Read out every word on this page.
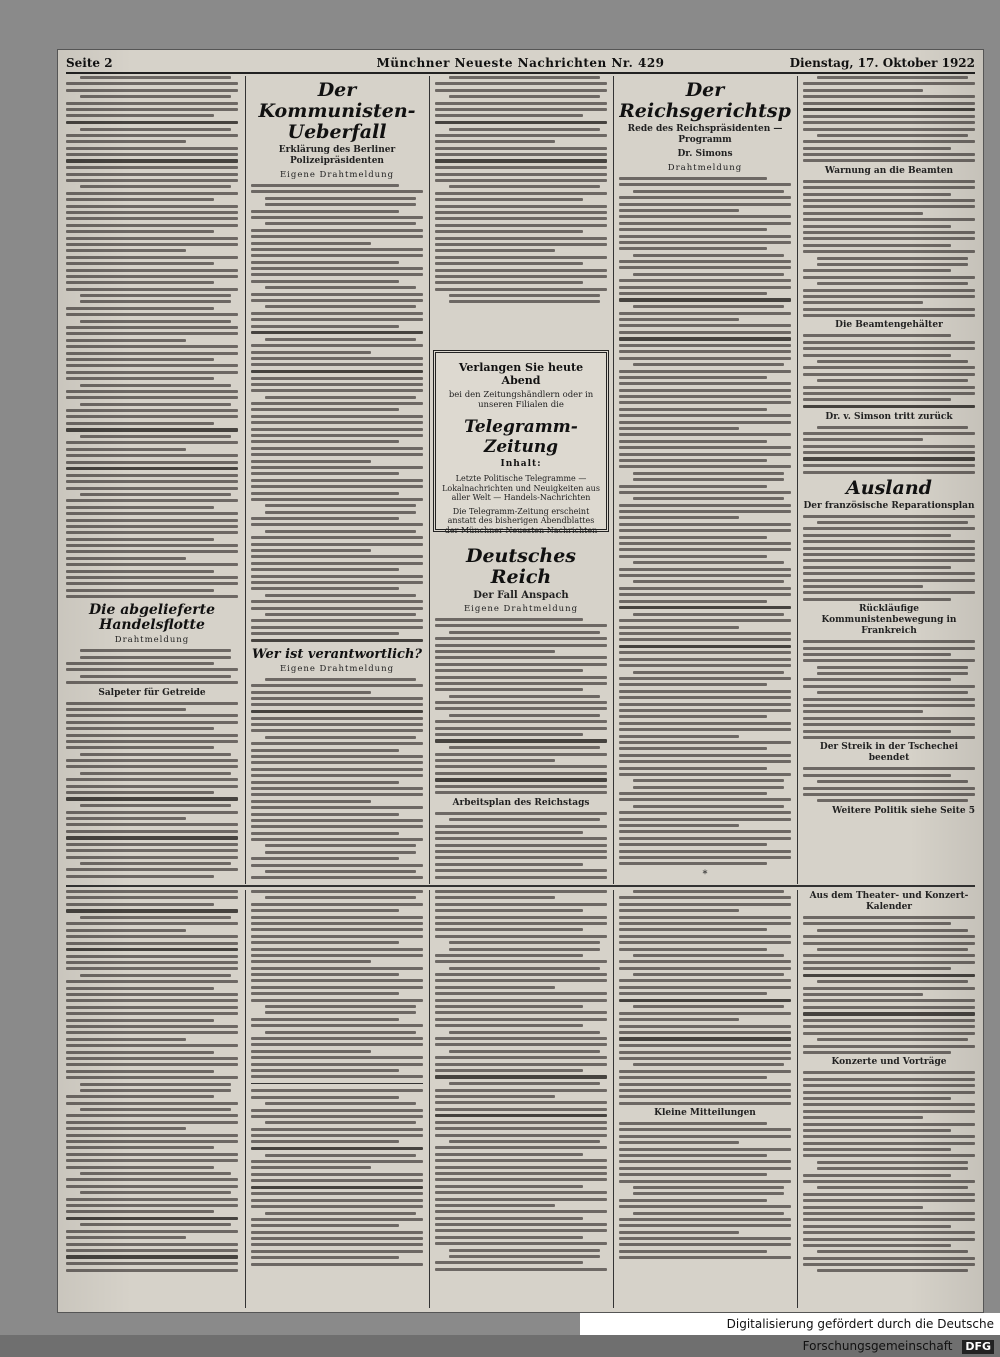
Seite 2	Münchner Neueste Nachrichten Nr. 429	Dienstag, 17. Oktober 1922
Die abgelieferte Handelsflotte
Drahtmeldung
Salpeter für Getreide
Der Kommunisten-Ueberfall
Erklärung des Berliner Polizeipräsidenten
Eigene Drahtmeldung
Wer ist verantwortlich?
Eigene Drahtmeldung
Verlangen Sie heute Abend
bei den Zeitungshändlern oder in unseren Filialen die
Telegramm-Zeitung
Inhalt:
Letzte Politische Telegramme — Lokalnachrichten und Neuigkeiten aus aller Welt — Handels-Nachrichten
Die Telegramm-Zeitung erscheint anstatt des bisherigen Abendblattes der Münchner Neuesten Nachrichten
Deutsches Reich
Der Fall Anspach
Eigene Drahtmeldung
Arbeitsplan des Reichstags
Der Reichsgerichtsp
Rede des Reichspräsidenten — Programm
Dr. Simons
Drahtmeldung
*
Warnung an die Beamten
Die Beamtengehälter
Dr. v. Simson tritt zurück
Ausland
Der französische Reparationsplan
Rückläufige Kommunistenbewegung in Frankreich
Der Streik in der Tschechei beendet
Weitere Politik siehe Seite 5
Kleine Mitteilungen
Aus dem Theater- und Konzert-Kalender
Konzerte und Vorträge
Digitalisierung gefördert durch die Deutsche
